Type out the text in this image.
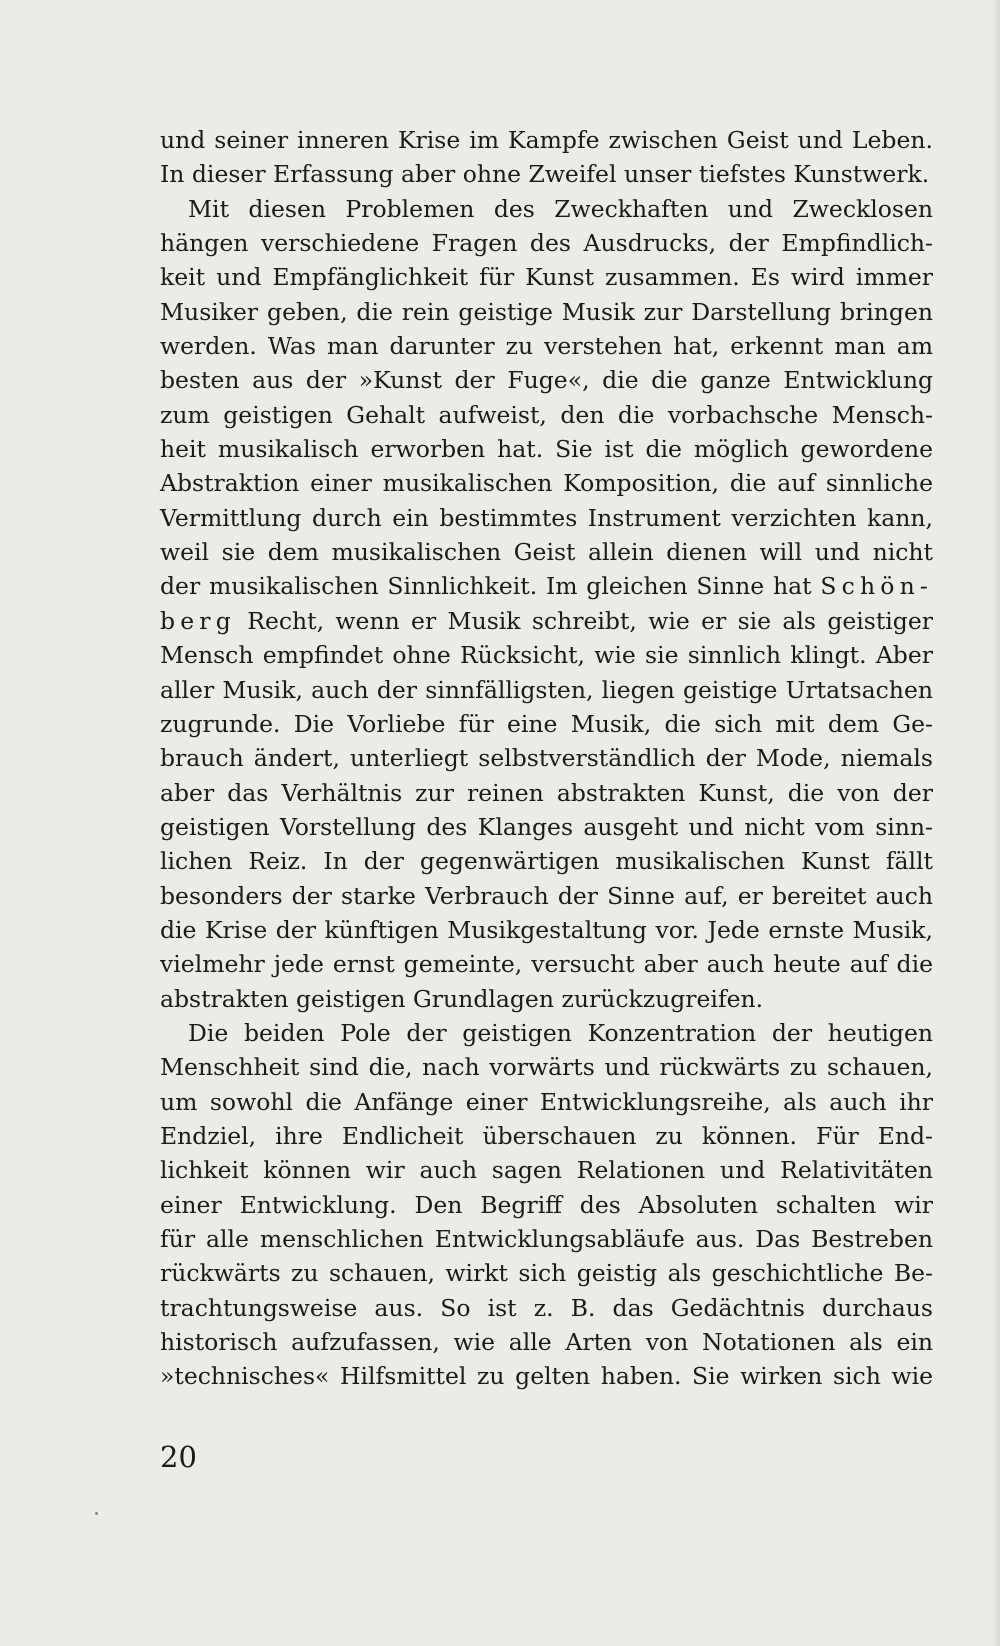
und seiner inneren Krise im Kampfe zwischen Geist und Leben.
In dieser Erfassung aber ohne Zweifel unser tiefstes Kunstwerk.

Mit diesen Problemen des Zweckhaften und Zwecklosen
hängen verschiedene Fragen des Ausdrucks, der Empfindlich-
keit und Empfänglichkeit für Kunst zusammen. Es wird immer
Musiker geben, die rein geistige Musik zur Darstellung bringen
werden. Was man darunter zu verstehen hat, erkennt man am
besten aus der »Kunst der Fuge«, die die ganze Entwicklung
zum geistigen Gehalt aufweist, den die vorbachsche Mensch-
heit musikalisch erworben hat. Sie ist die möglich gewordene
Abstraktion einer musikalischen Komposition, die auf sinnliche
Vermittlung durch ein bestimmtes Instrument verzichten kann,
weil sie dem musikalischen Geist allein dienen will und nicht
der musikalischen Sinnlichkeit. Im gleichen Sinne hat Schön-
berg Recht, wenn er Musik schreibt, wie er sie als geistiger
Mensch empfindet ohne Rücksicht, wie sie sinnlich klingt. Aber
aller Musik, auch der sinnfälligsten, liegen geistige Urtatsachen
zugrunde. Die Vorliebe für eine Musik, die sich mit dem Ge-
brauch ändert, unterliegt selbstverständlich der Mode, niemals
aber das Verhältnis zur reinen abstrakten Kunst, die von der
geistigen Vorstellung des Klanges ausgeht und nicht vom sinn-
lichen Reiz. In der gegenwärtigen musikalischen Kunst fällt
besonders der starke Verbrauch der Sinne auf, er bereitet auch
die Krise der künftigen Musikgestaltung vor. Jede ernste Musik,
vielmehr jede ernst gemeinte, versucht aber auch heute auf die
abstrakten geistigen Grundlagen zurückzugreifen.

Die beiden Pole der geistigen Konzentration der heutigen
Menschheit sind die, nach vorwärts und rückwärts zu schauen,
um sowohl die Anfänge einer Entwicklungsreihe, als auch ihr
Endziel, ihre Endlicheit überschauen zu können. Für End-
lichkeit können wir auch sagen Relationen und Relativitäten
einer Entwicklung. Den Begriff des Absoluten schalten wir
für alle menschlichen Entwicklungsabläufe aus. Das Bestreben
rückwärts zu schauen, wirkt sich geistig als geschichtliche Be-
trachtungsweise aus. So ist z. B. das Gedächtnis durchaus
historisch aufzufassen, wie alle Arten von Notationen als ein
»technisches« Hilfsmittel zu gelten haben. Sie wirken sich wie

20
